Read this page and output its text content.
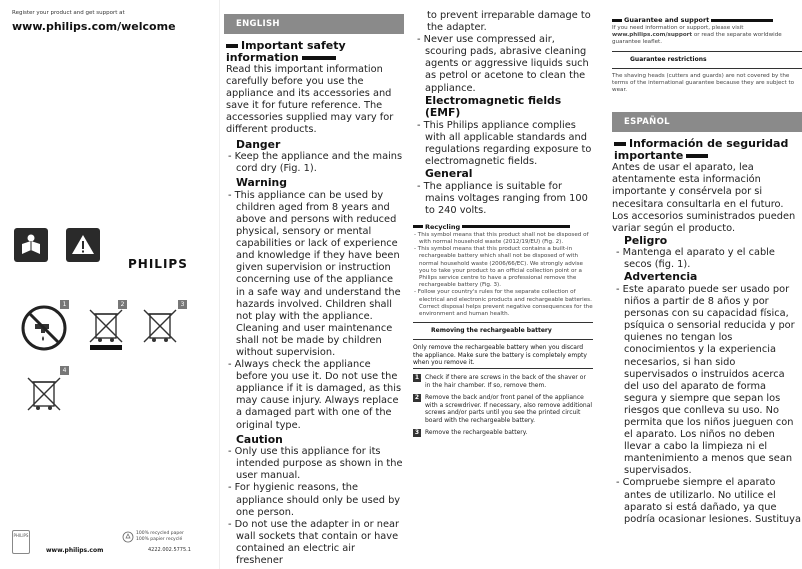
Register your product and get support at
www.philips.com/welcome
PHILIPS
1	2	3
4
PHILIPS
www.philips.com
100% recycled paper
100% papier recyclé
4222.002.5775.1
ENGLISH
Important safety information
Read this important information carefully before you use the appliance and its accessories and save it for future reference. The accessories supplied may vary for different products.
Danger
- Keep the appliance and the mains cord dry (Fig. 1).
Warning
- This appliance can be used by children aged from 8 years and above and persons with reduced physical, sensory or mental capabilities or lack of experience and knowledge if they have been given supervision or instruction concerning use of the appliance in a safe way and understand the hazards involved. Children shall not play with the appliance. Cleaning and user maintenance shall not be made by children without supervision.
- Always check the appliance before you use it. Do not use the appliance if it is damaged, as this may cause injury. Always replace a damaged part with one of the original type.
Caution
- Only use this appliance for its intended purpose as shown in the user manual.
- For hygienic reasons, the appliance should only be used by one person.
- Do not use the adapter in or near wall sockets that contain or have contained an electric air freshener
to prevent irreparable damage to the adapter.
- Never use compressed air, scouring pads, abrasive cleaning agents or aggressive liquids such as petrol or acetone to clean the appliance.
Electromagnetic fields (EMF)
- This Philips appliance complies with all applicable standards and regulations regarding exposure to electromagnetic fields.
General
- The appliance is suitable for mains voltages ranging from 100 to 240 volts.
Recycling
- This symbol means that this product shall not be disposed of with normal household waste (2012/19/EU) (Fig. 2).
- This symbol means that this product contains a built-in rechargeable battery which shall not be disposed of with normal household waste (2006/66/EC). We strongly advise you to take your product to an official collection point or a Philips service centre to have a professional remove the rechargeable battery (Fig. 3).
- Follow your country's rules for the separate collection of electrical and electronic products and rechargeable batteries. Correct disposal helps prevent negative consequences for the environment and human health.
Removing the rechargeable battery
Only remove the rechargeable battery when you discard the appliance. Make sure the battery is completely empty when you remove it.
1 Check if there are screws in the back of the shaver or in the hair chamber. If so, remove them.
2 Remove the back and/or front panel of the appliance with a screwdriver. If necessary, also remove additional screws and/or parts until you see the printed circuit board with the rechargeable battery.
3 Remove the rechargeable battery.
Guarantee and support
If you need information or support, please visit www.philips.com/support or read the separate worldwide guarantee leaflet.
Guarantee restrictions
The shaving heads (cutters and guards) are not covered by the terms of the international guarantee because they are subject to wear.
ESPAÑOL
Información de seguridad importante
Antes de usar el aparato, lea atentamente esta información importante y consérvela por si necesitara consultarla en el futuro. Los accesorios suministrados pueden variar según el producto.
Peligro
- Mantenga el aparato y el cable secos (fig. 1).
Advertencia
- Este aparato puede ser usado por niños a partir de 8 años y por personas con su capacidad física, psíquica o sensorial reducida y por quienes no tengan los conocimientos y la experiencia necesarios, si han sido supervisados o instruidos acerca del uso del aparato de forma segura y siempre que sepan los riesgos que conlleva su uso. No permita que los niños jueguen con el aparato. Los niños no deben llevar a cabo la limpieza ni el mantenimiento a menos que sean supervisados.
- Compruebe siempre el aparato antes de utilizarlo. No utilice el aparato si está dañado, ya que podría ocasionar lesiones. Sustituya
